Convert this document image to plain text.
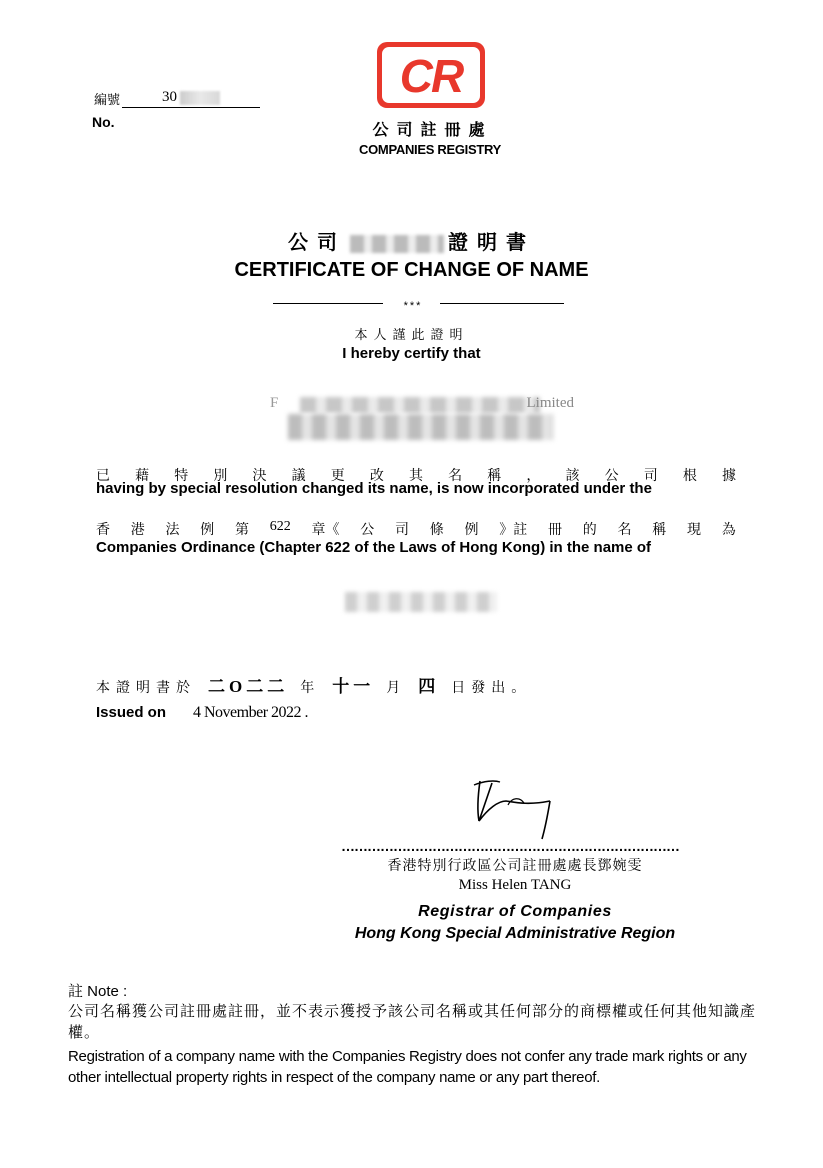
編號	30
No.
CR
公司註冊處
COMPANIES REGISTRY
公司	證明書
CERTIFICATE OF CHANGE OF NAME
***
本人謹此證明
I hereby certify that
F	Limited
已 藉 特 別 決 議 更 改 其 名 稱 ， 該 公 司 根 據
having by special resolution changed its name, is now incorporated under the
香 港 法 例 第 622 章《 公 司 條 例 》註 冊 的 名 稱 現 為
Companies Ordinance (Chapter 622 of the Laws of Hong Kong) in the name of
本證明書於 二O二二 年 十一 月 四 日發出。
Issued on 4 November 2022 .
……………………………………………………………………
香港特別行政區公司註冊處處長鄧婉雯
Miss Helen TANG
Registrar of Companies
Hong Kong Special Administrative Region
註 Note :
公司名稱獲公司註冊處註冊，並不表示獲授予該公司名稱或其任何部分的商標權或任何其他知識產權。
Registration of a company name with the Companies Registry does not confer any trade mark rights or any other intellectual property rights in respect of the company name or any part thereof.
